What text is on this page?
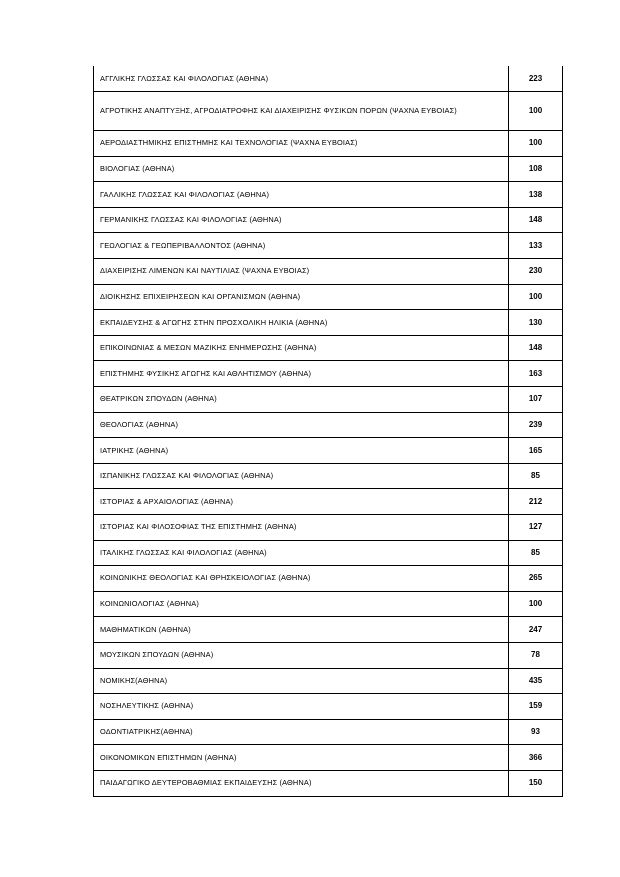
ΑΓΓΛΙΚΗΣ ΓΛΩΣΣΑΣ ΚΑΙ ΦΙΛΟΛΟΓΙΑΣ (ΑΘΗΝΑ)	223
ΑΓΡΟΤΙΚΗΣ ΑΝΑΠΤΥΞΗΣ, ΑΓΡΟΔΙΑΤΡΟΦΗΣ ΚΑΙ ΔΙΑΧΕΙΡΙΣΗΣ ΦΥΣΙΚΩΝ ΠΟΡΩΝ (ΨΑΧΝΑ ΕΥΒΟΙΑΣ)	100
ΑΕΡΟΔΙΑΣΤΗΜΙΚΗΣ ΕΠΙΣΤΗΜΗΣ ΚΑΙ ΤΕΧΝΟΛΟΓΙΑΣ (ΨΑΧΝΑ ΕΥΒΟΙΑΣ)	100
ΒΙΟΛΟΓΙΑΣ (ΑΘΗΝΑ)	108
ΓΑΛΛΙΚΗΣ ΓΛΩΣΣΑΣ ΚΑΙ ΦΙΛΟΛΟΓΙΑΣ (ΑΘΗΝΑ)	138
ΓΕΡΜΑΝΙΚΗΣ ΓΛΩΣΣΑΣ ΚΑΙ ΦΙΛΟΛΟΓΙΑΣ (ΑΘΗΝΑ)	148
ΓΕΩΛΟΓΙΑΣ & ΓΕΩΠΕΡΙΒΑΛΛΟΝΤΟΣ (ΑΘΗΝΑ)	133
ΔΙΑΧΕΙΡΙΣΗΣ ΛΙΜΕΝΩΝ ΚΑΙ ΝΑΥΤΙΛΙΑΣ (ΨΑΧΝΑ ΕΥΒΟΙΑΣ)	230
ΔΙΟΙΚΗΣΗΣ ΕΠΙΧΕΙΡΗΣΕΩΝ ΚΑΙ ΟΡΓΑΝΙΣΜΩΝ (ΑΘΗΝΑ)	100
ΕΚΠΑΙΔΕΥΣΗΣ & ΑΓΩΓΗΣ ΣΤΗΝ ΠΡΟΣΧΟΛΙΚΗ ΗΛΙΚΙΑ (ΑΘΗΝΑ)	130
ΕΠΙΚΟΙΝΩΝΙΑΣ & ΜΕΣΩΝ ΜΑΖΙΚΗΣ ΕΝΗΜΕΡΩΣΗΣ (ΑΘΗΝΑ)	148
ΕΠΙΣΤΗΜΗΣ ΦΥΣΙΚΗΣ ΑΓΩΓΗΣ ΚΑΙ ΑΘΛΗΤΙΣΜΟΥ (ΑΘΗΝΑ)	163
ΘΕΑΤΡΙΚΩΝ ΣΠΟΥΔΩΝ (ΑΘΗΝΑ)	107
ΘΕΟΛΟΓΙΑΣ (ΑΘΗΝΑ)	239
ΙΑΤΡΙΚΗΣ (ΑΘΗΝΑ)	165
ΙΣΠΑΝΙΚΗΣ ΓΛΩΣΣΑΣ ΚΑΙ ΦΙΛΟΛΟΓΙΑΣ (ΑΘΗΝΑ)	85
ΙΣΤΟΡΙΑΣ & ΑΡΧΑΙΟΛΟΓΙΑΣ (ΑΘΗΝΑ)	212
ΙΣΤΟΡΙΑΣ ΚΑΙ ΦΙΛΟΣΟΦΙΑΣ ΤΗΣ ΕΠΙΣΤΗΜΗΣ (ΑΘΗΝΑ)	127
ΙΤΑΛΙΚΗΣ ΓΛΩΣΣΑΣ ΚΑΙ ΦΙΛΟΛΟΓΙΑΣ (ΑΘΗΝΑ)	85
ΚΟΙΝΩΝΙΚΗΣ ΘΕΟΛΟΓΙΑΣ ΚΑΙ ΘΡΗΣΚΕΙΟΛΟΓΙΑΣ (ΑΘΗΝΑ)	265
ΚΟΙΝΩΝΙΟΛΟΓΙΑΣ (ΑΘΗΝΑ)	100
ΜΑΘΗΜΑΤΙΚΩΝ (ΑΘΗΝΑ)	247
ΜΟΥΣΙΚΩΝ ΣΠΟΥΔΩΝ (ΑΘΗΝΑ)	78
ΝΟΜΙΚΗΣ(ΑΘΗΝΑ)	435
ΝΟΣΗΛΕΥΤΙΚΗΣ (ΑΘΗΝΑ)	159
ΟΔΟΝΤΙΑΤΡΙΚΗΣ(ΑΘΗΝΑ)	93
ΟΙΚΟΝΟΜΙΚΩΝ ΕΠΙΣΤΗΜΩΝ (ΑΘΗΝΑ)	366
ΠΑΙΔΑΓΩΓΙΚΟ ΔΕΥΤΕΡΟΒΑΘΜΙΑΣ ΕΚΠΑΙΔΕΥΣΗΣ (ΑΘΗΝΑ)	150
